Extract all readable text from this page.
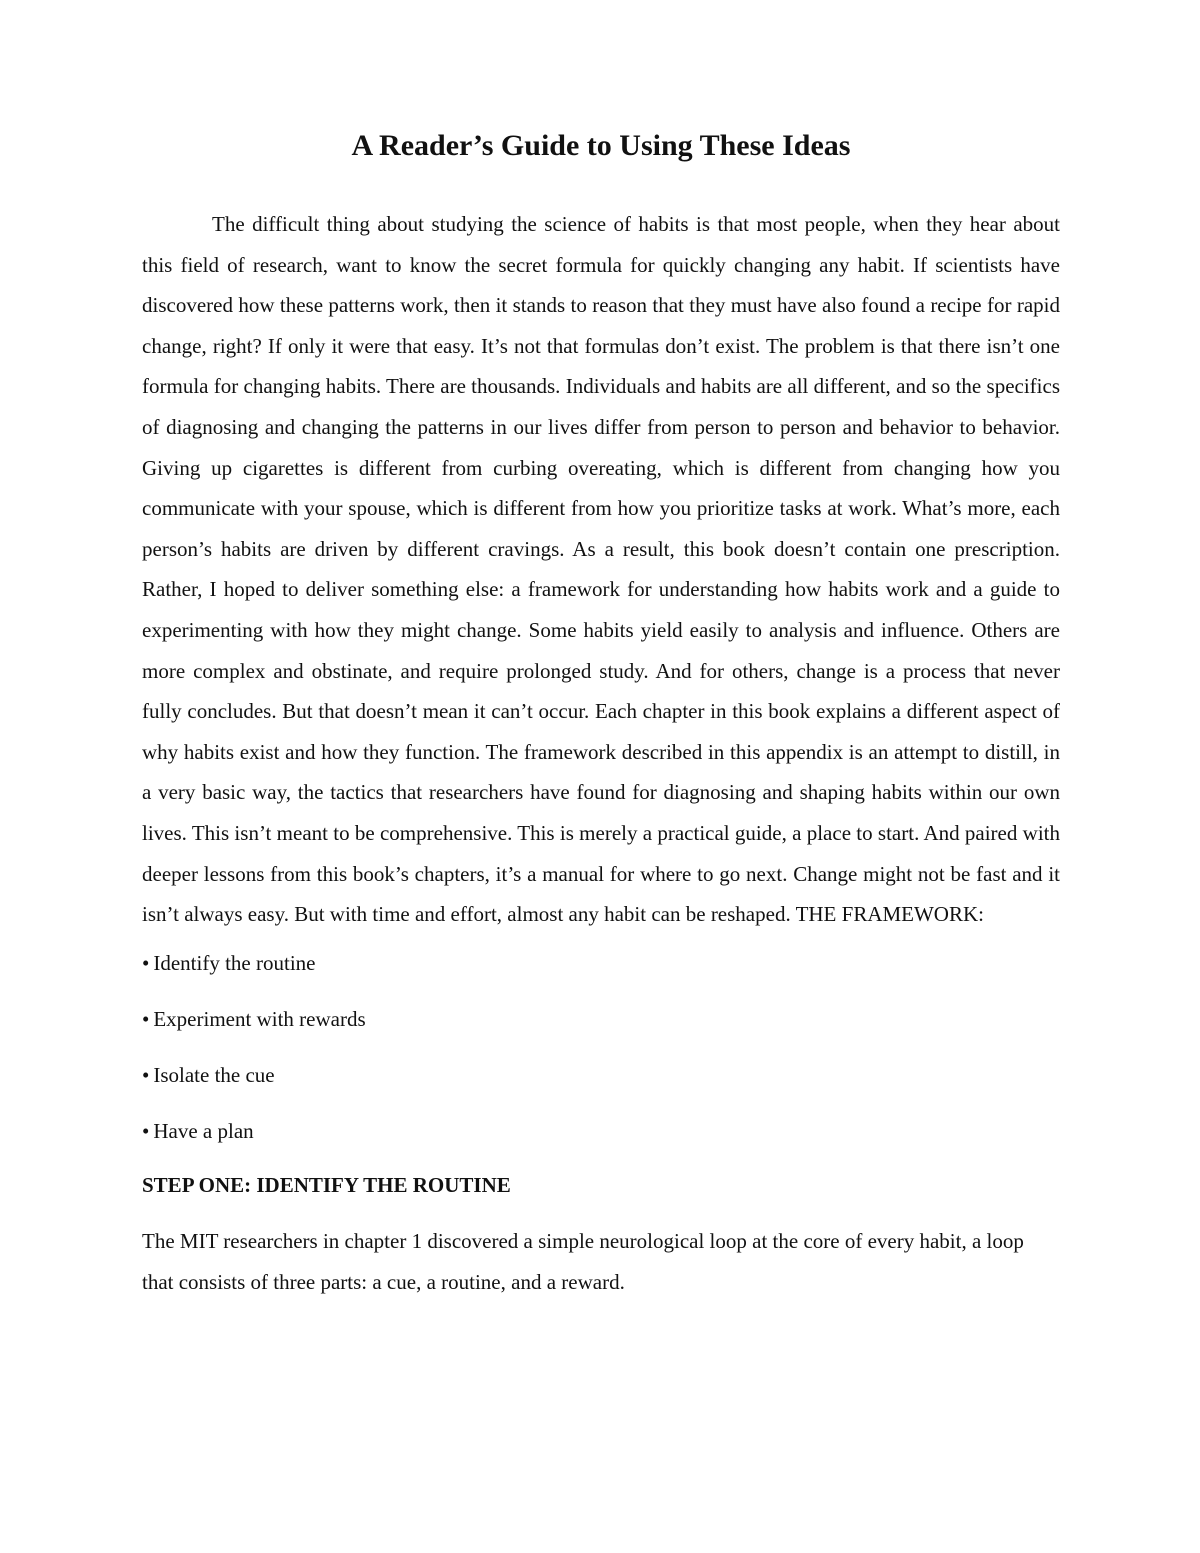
A Reader’s Guide to Using These Ideas

The difficult thing about studying the science of habits is that most people, when they hear about this field of research, want to know the secret formula for quickly changing any habit. If scientists have discovered how these patterns work, then it stands to reason that they must have also found a recipe for rapid change, right? If only it were that easy. It’s not that formulas don’t exist. The problem is that there isn’t one formula for changing habits. There are thousands. Individuals and habits are all different, and so the specifics of diagnosing and changing the patterns in our lives differ from person to person and behavior to behavior. Giving up cigarettes is different from curbing overeating, which is different from changing how you communicate with your spouse, which is different from how you prioritize tasks at work. What’s more, each person’s habits are driven by different cravings. As a result, this book doesn’t contain one prescription. Rather, I hoped to deliver something else: a framework for understanding how habits work and a guide to experimenting with how they might change. Some habits yield easily to analysis and influence. Others are more complex and obstinate, and require prolonged study. And for others, change is a process that never fully concludes. But that doesn’t mean it can’t occur. Each chapter in this book explains a different aspect of why habits exist and how they function. The framework described in this appendix is an attempt to distill, in a very basic way, the tactics that researchers have found for diagnosing and shaping habits within our own lives. This isn’t meant to be comprehensive. This is merely a practical guide, a place to start. And paired with deeper lessons from this book’s chapters, it’s a manual for where to go next. Change might not be fast and it isn’t always easy. But with time and effort, almost any habit can be reshaped. THE FRAMEWORK:

• Identify the routine
• Experiment with rewards
• Isolate the cue
• Have a plan
STEP ONE: IDENTIFY THE ROUTINE

The MIT researchers in chapter 1 discovered a simple neurological loop at the core of every habit, a loop that consists of three parts: a cue, a routine, and a reward.
